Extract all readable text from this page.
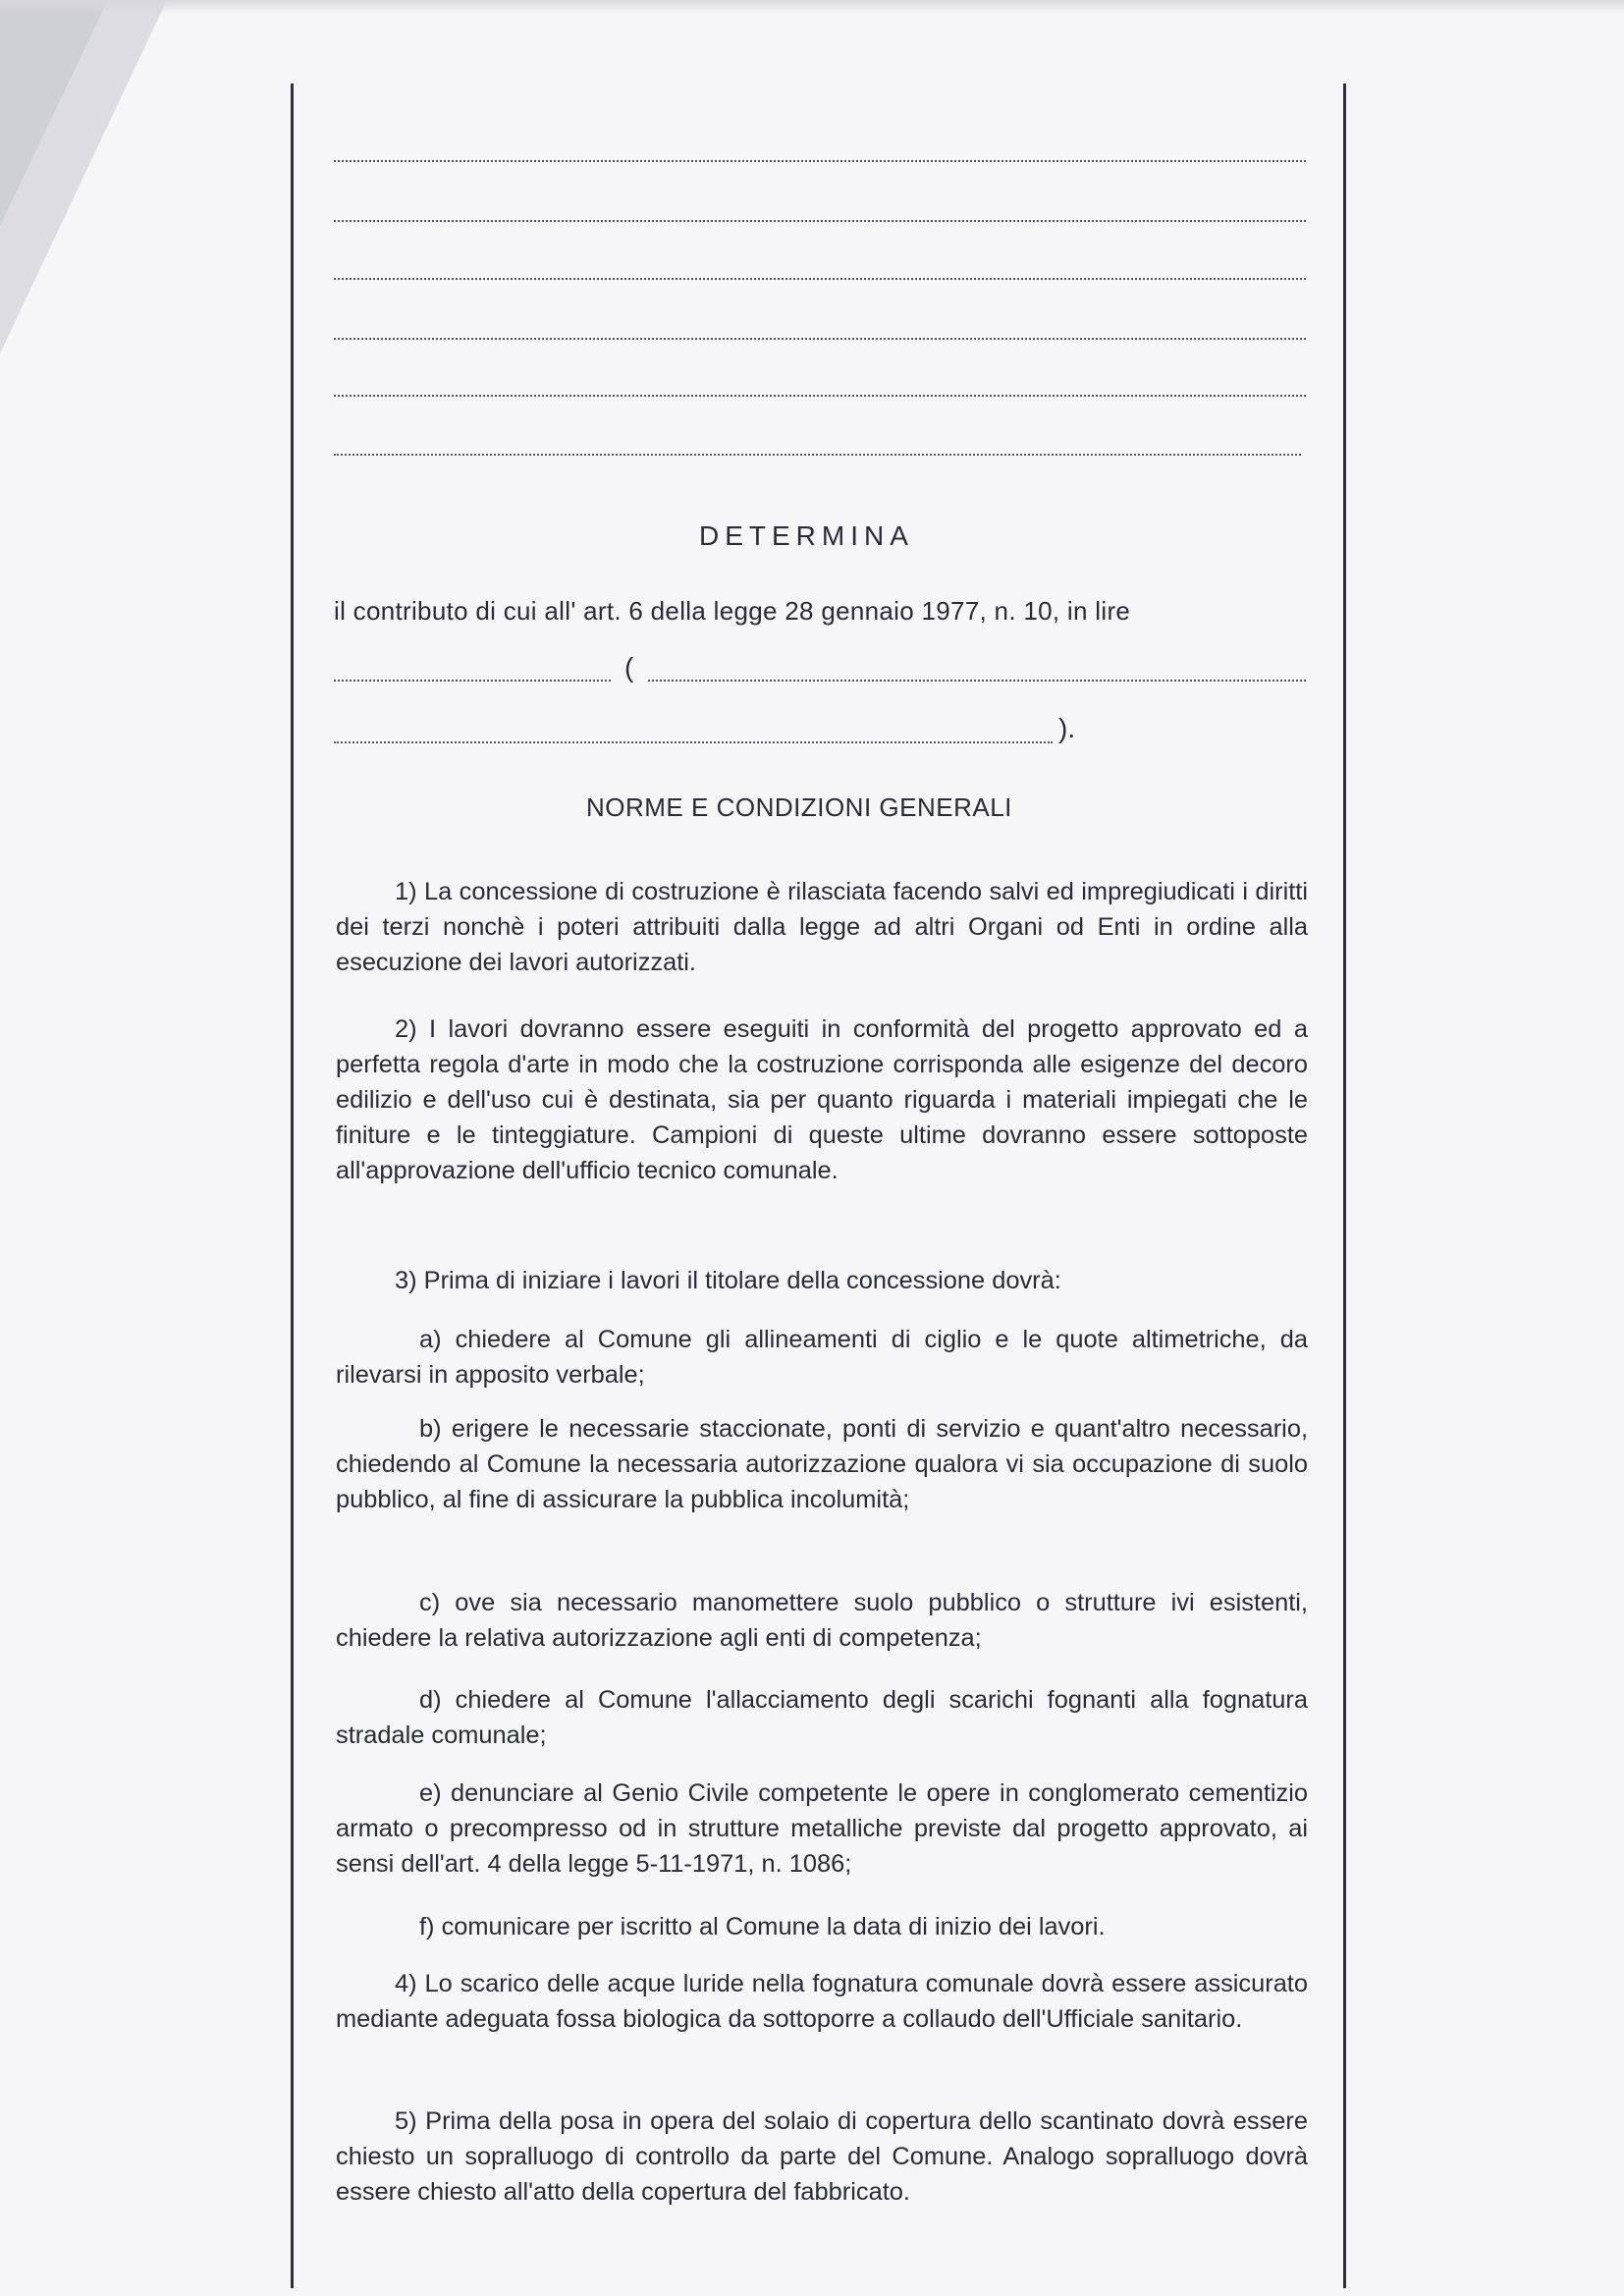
DETERMINA
il contributo di cui all' art. 6 della legge 28 gennaio 1977, n. 10, in lire
(
).
NORME E CONDIZIONI GENERALI
1) La concessione di costruzione è rilasciata facendo salvi ed impregiudicati i diritti dei terzi nonchè i poteri attribuiti dalla legge ad altri Organi od Enti in ordine alla esecuzione dei lavori autorizzati.
2) I lavori dovranno essere eseguiti in conformità del progetto approvato ed a perfetta regola d'arte in modo che la costruzione corrisponda alle esigenze del decoro edilizio e dell'uso cui è destinata, sia per quanto riguarda i materiali impiegati che le finiture e le tinteggiature. Campioni di queste ultime dovranno essere sottoposte all'approvazione dell'ufficio tecnico comunale.
3) Prima di iniziare i lavori il titolare della concessione dovrà:
a) chiedere al Comune gli allineamenti di ciglio e le quote altimetriche, da rilevarsi in apposito verbale;
b) erigere le necessarie staccionate, ponti di servizio e quant'altro necessario, chiedendo al Comune la necessaria autorizzazione qualora vi sia occupazione di suolo pubblico, al fine di assicurare la pubblica incolumità;
c) ove sia necessario manomettere suolo pubblico o strutture ivi esistenti, chiedere la relativa autorizzazione agli enti di competenza;
d) chiedere al Comune l'allacciamento degli scarichi fognanti alla fognatura stradale comunale;
e) denunciare al Genio Civile competente le opere in conglomerato cementizio armato o precompresso od in strutture metalliche previste dal progetto approvato, ai sensi dell'art. 4 della legge 5-11-1971, n. 1086;
f) comunicare per iscritto al Comune la data di inizio dei lavori.
4) Lo scarico delle acque luride nella fognatura comunale dovrà essere assicurato mediante adeguata fossa biologica da sottoporre a collaudo dell'Ufficiale sanitario.
5) Prima della posa in opera del solaio di copertura dello scantinato dovrà essere chiesto un sopralluogo di controllo da parte del Comune. Analogo sopralluogo dovrà essere chiesto all'atto della copertura del fabbricato.
